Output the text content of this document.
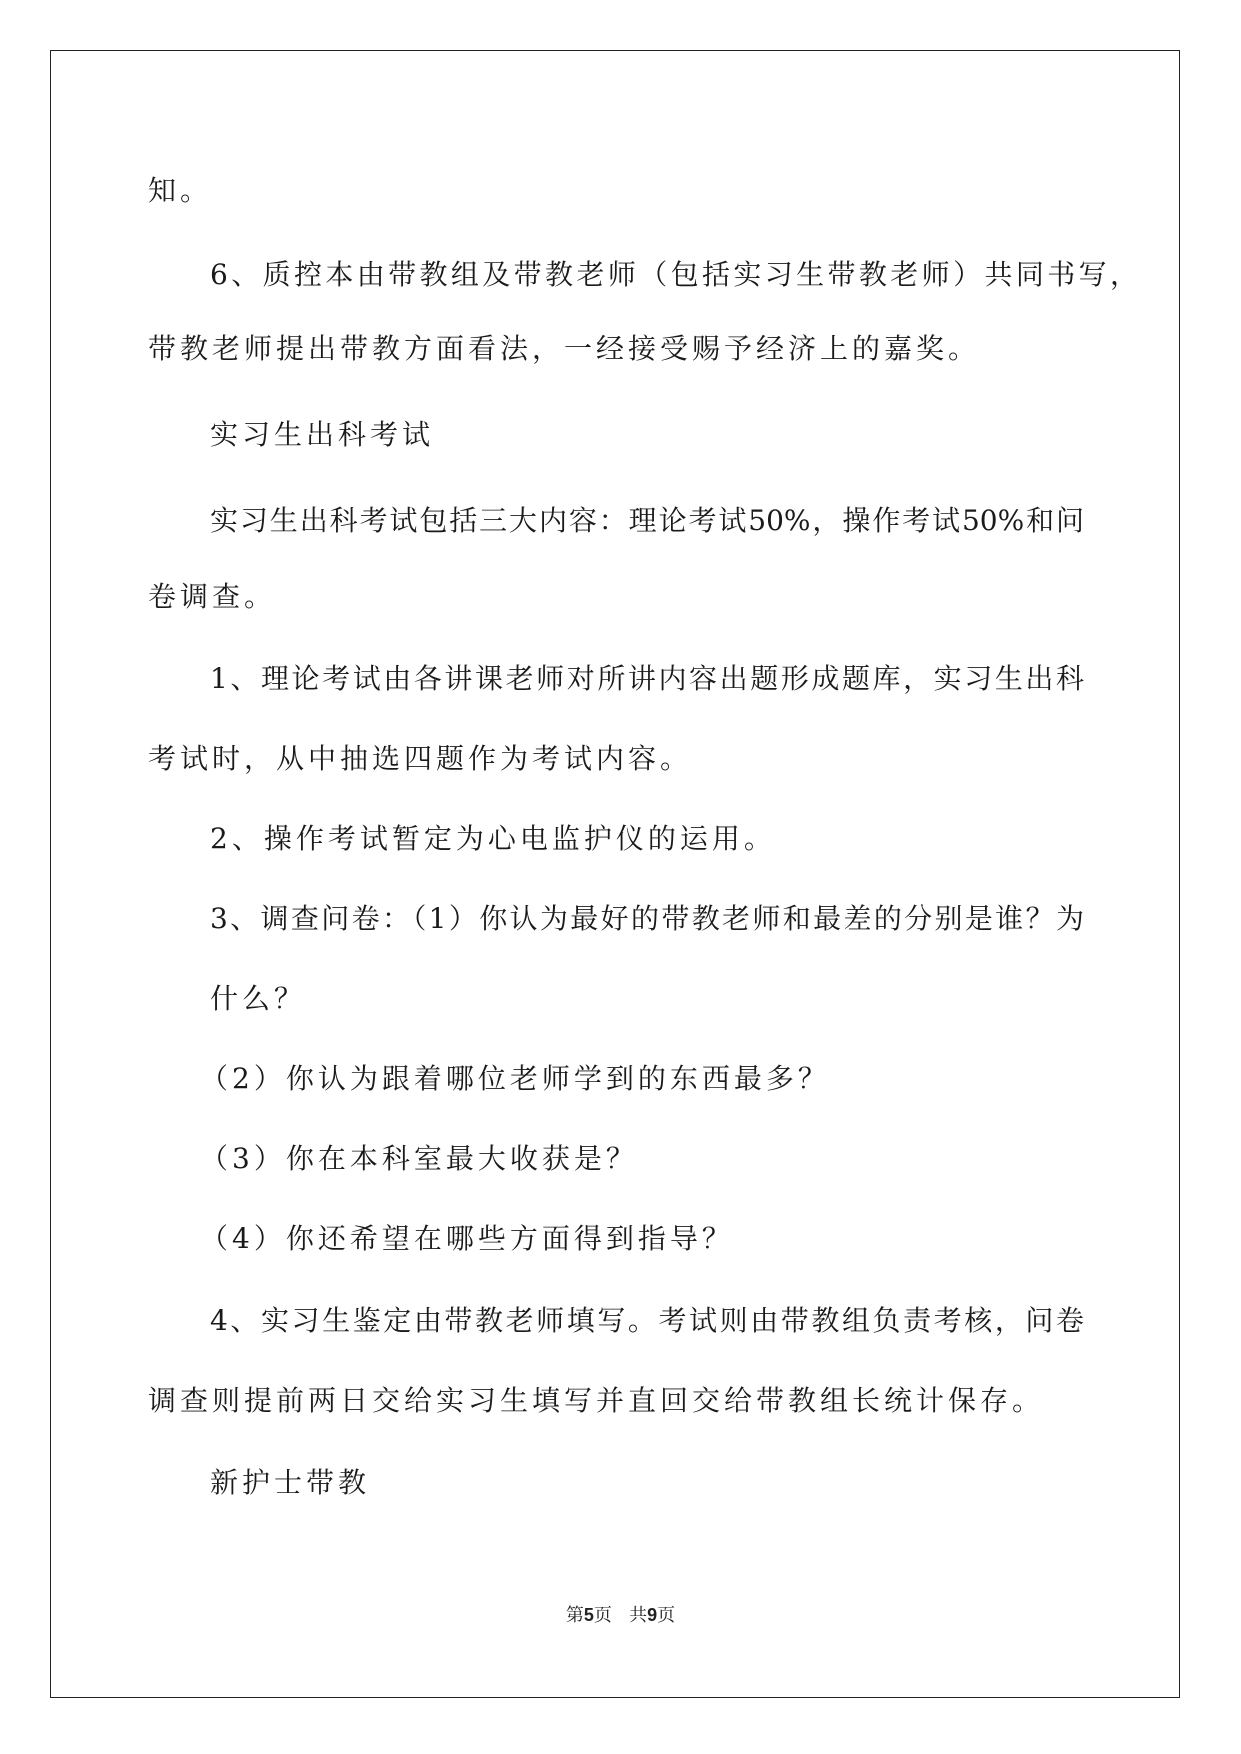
知。
6、质控本由带教组及带教老师（包括实习生带教老师）共同书写，
带教老师提出带教方面看法，一经接受赐予经济上的嘉奖。
实习生出科考试
实习生出科考试包括三大内容：理论考试50%，操作考试50%和问
卷调查。
1、理论考试由各讲课老师对所讲内容出题形成题库，实习生出科
考试时，从中抽选四题作为考试内容。
2、操作考试暂定为心电监护仪的运用。
3、调查问卷：（1）你认为最好的带教老师和最差的分别是谁？为
什么？
（2）你认为跟着哪位老师学到的东西最多？
（3）你在本科室最大收获是？
（4）你还希望在哪些方面得到指导？
4、实习生鉴定由带教老师填写。考试则由带教组负责考核，问卷
调查则提前两日交给实习生填写并直回交给带教组长统计保存。
新护士带教
第5页 共9页
